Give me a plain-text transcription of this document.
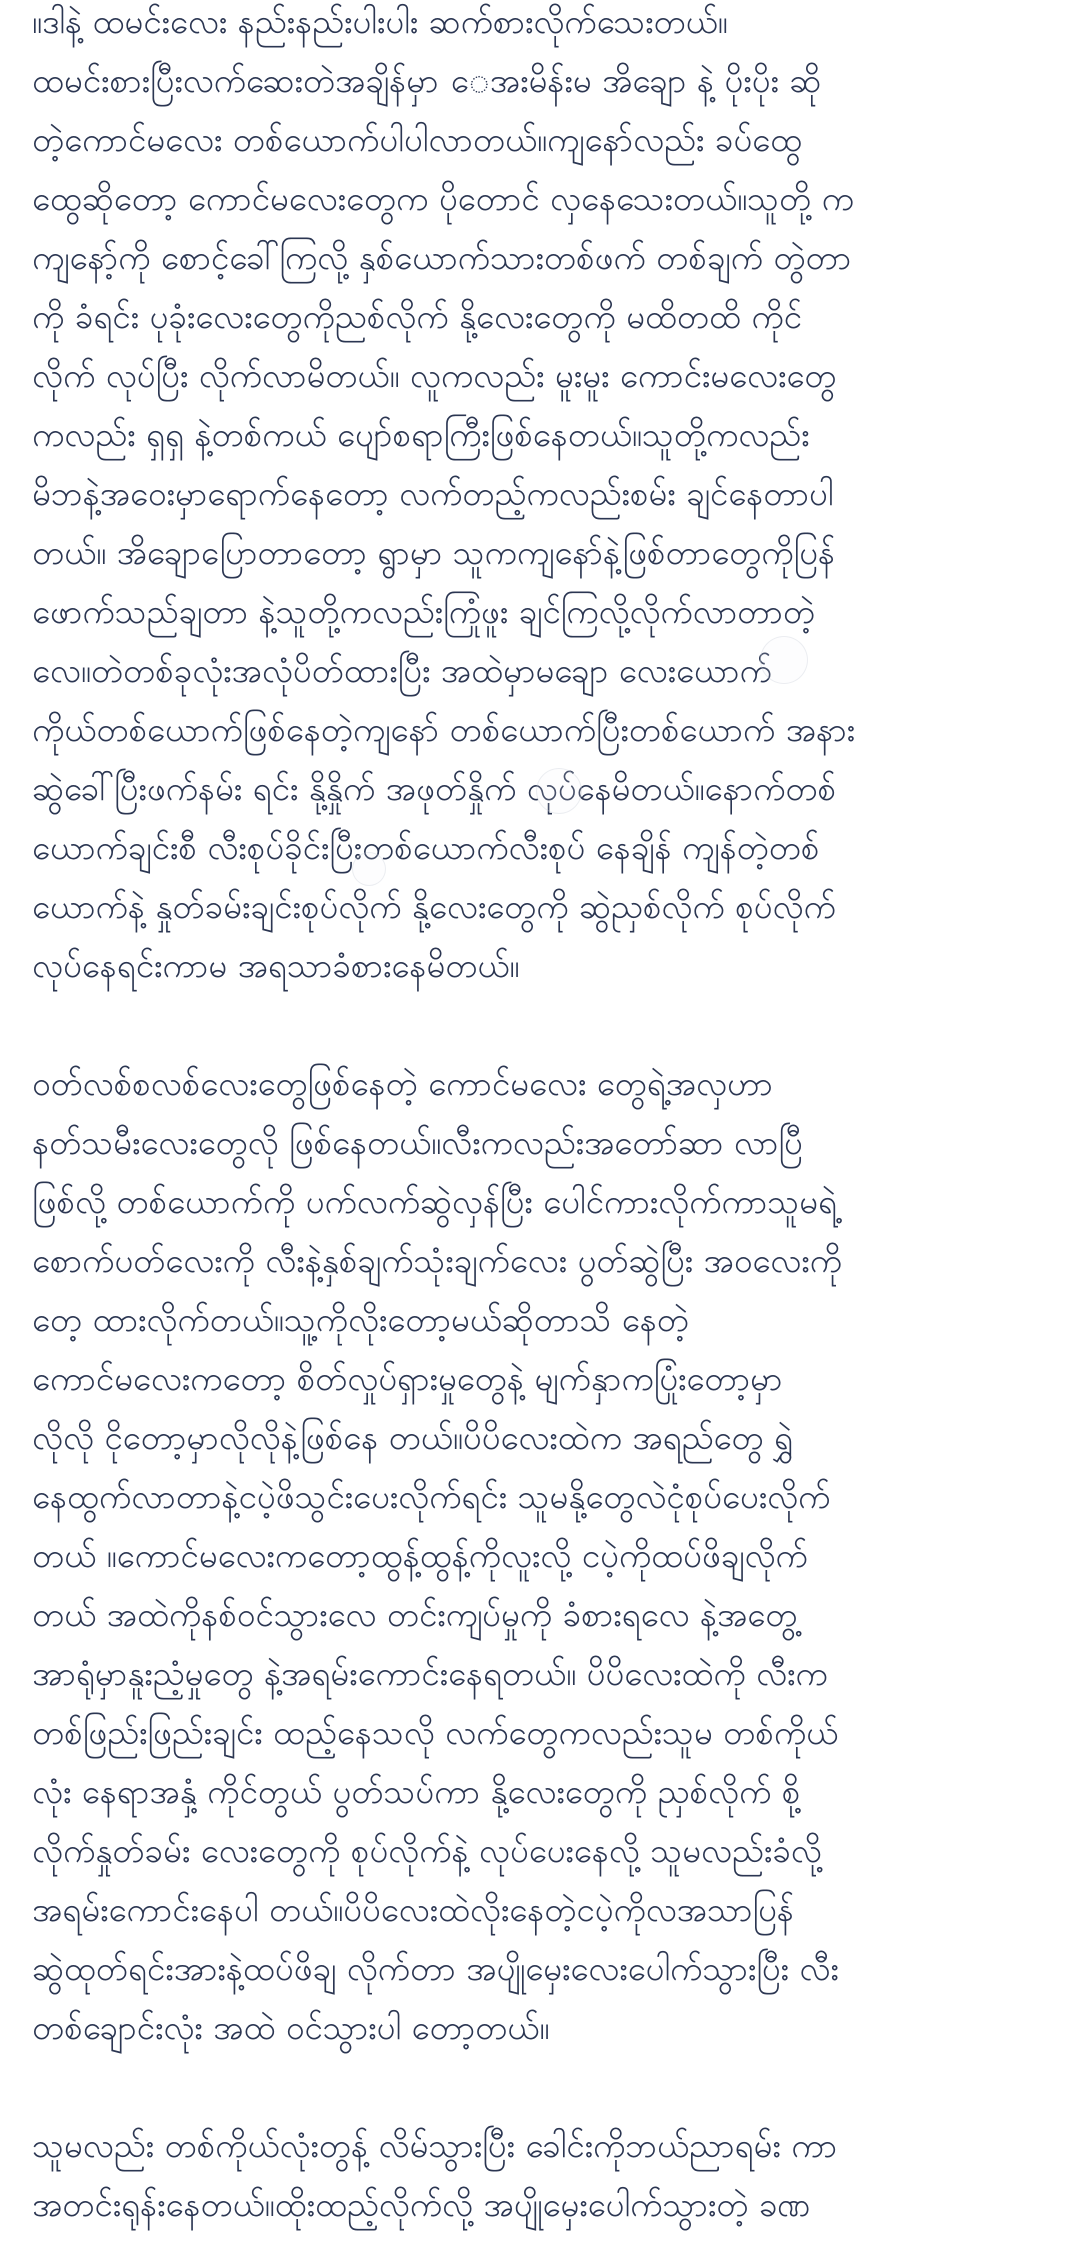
။ဒါနဲ့ ထမင်းလေး နည်းနည်းပါးပါး ဆက်စားလိုက်သေးတယ်။
ထမင်းစားပြီးလက်ဆေးတဲအချိန်မှာ ေအးမိန်းမ အိချော နဲ့ ပိုးပိုး ဆို
တဲ့ကောင်မလေး တစ်ယောက်ပါပါလာတယ်။ကျနော်လည်း ခပ်ထွေ
ထွေဆိုတော့ ကောင်မလေးတွေက ပိုတောင် လှနေသေးတယ်။သူတို့ က
ကျနော့်ကို စောင့်ခေါ်ကြလို့ နှစ်ယောက်သားတစ်ဖက် တစ်ချက် တွဲတာ
ကို ခံရင်း ပုခုံးလေးတွေကိုညစ်လိုက် နို့လေးတွေကို မထိတထိ ကိုင်
လိုက် လုပ်ပြီး လိုက်လာမိတယ်။ လူကလည်း မူးမူး ကောင်းမလေးတွေ
ကလည်း ရှရှ နဲ့တစ်ကယ် ပျော်စရာကြီးဖြစ်နေတယ်။သူတို့ကလည်း
မိဘနဲ့အဝေးမှာရောက်နေတော့ လက်တည့်ကလည်းစမ်း ချင်နေတာပါ
တယ်။ အိချောပြောတာတော့ ရွာမှာ သူကကျနော်နဲ့ဖြစ်တာတွေကိုပြန်
ဖောက်သည်ချတာ နဲ့သူတို့ကလည်းကြုံဖူး ချင်ကြလို့လိုက်လာတာတဲ့
လေ။တဲတစ်ခုလုံးအလုံပိတ်ထားပြီး အထဲမှာမချော လေးယောက်
ကိုယ်တစ်ယောက်ဖြစ်နေတဲ့ကျနော် တစ်ယောက်ပြီးတစ်ယောက် အနား
ဆွဲခေါ်ပြီးဖက်နမ်း ရင်း နို့နှိုက် အဖုတ်နှိုက် လုပ်နေမိတယ်။နောက်တစ်
ယောက်ချင်းစီ လီးစုပ်ခိုင်းပြီးတစ်ယောက်လီးစုပ် နေချိန် ကျန်တဲ့တစ်
ယောက်နဲ့ နှုတ်ခမ်းချင်းစုပ်လိုက် နို့လေးတွေကို ဆွဲညှစ်လိုက် စုပ်လိုက်
လုပ်နေရင်းကာမ အရသာခံစားနေမိတယ်။

ဝတ်လစ်စလစ်လေးတွေဖြစ်နေတဲ့ ကောင်မလေး တွေရဲ့အလှဟာ
နတ်သမီးလေးတွေလို ဖြစ်နေတယ်။လီးကလည်းအတော်ဆာ လာပြီ
ဖြစ်လို့ တစ်ယောက်ကို ပက်လက်ဆွဲလှန်ပြီး ပေါင်ကားလိုက်ကာသူမရဲ့
စောက်ပတ်လေးကို လီးနဲ့နှစ်ချက်သုံးချက်လေး ပွတ်ဆွဲပြီး အဝလေးကို
တေ့ ထားလိုက်တယ်။သူ့ကိုလိုးတော့မယ်ဆိုတာသိ နေတဲ့
ကောင်မလေးကတော့ စိတ်လှုပ်ရှားမှုတွေနဲ့ မျက်နှာကပြုံးတော့မှာ
လိုလို ငိုတော့မှာလိုလိုနဲ့ဖြစ်နေ တယ်။ပိပိလေးထဲက အရည်တွေ ရွှဲ
နေထွက်လာတာနဲ့ငပဲ့ဖိသွင်းပေးလိုက်ရင်း သူမနို့တွေလဲငုံစုပ်ပေးလိုက်
တယ် ။ကောင်မလေးကတော့ထွန့်ထွန့်ကိုလူးလို့ ငပဲ့ကိုထပ်ဖိချလိုက်
တယ် အထဲကိုနစ်ဝင်သွားလေ တင်းကျပ်မှုကို ခံစားရလေ နဲ့အတွေ့
အာရုံမှာနူးညံ့မှုတွေ နဲ့အရမ်းကောင်းနေရတယ်။ ပိပိလေးထဲကို လီးက
တစ်ဖြည်းဖြည်းချင်း ထည့်နေသလို လက်တွေကလည်းသူမ တစ်ကိုယ်
လုံး နေရာအနှံ့ ကိုင်တွယ် ပွတ်သပ်ကာ နို့လေးတွေကို ညှစ်လိုက် စို့
လိုက်နှုတ်ခမ်း လေးတွေကို စုပ်လိုက်နဲ့ လုပ်ပေးနေလို့ သူမလည်းခံလို့
အရမ်းကောင်းနေပါ တယ်။ပိပိလေးထဲလိုးနေတဲ့ငပဲ့ကိုလအသာပြန်
ဆွဲထုတ်ရင်းအားနဲ့ထပ်ဖိချ လိုက်တာ အပျိုမှေးလေးပေါက်သွားပြီး လီး
တစ်ချောင်းလုံး အထဲ ဝင်သွားပါ တော့တယ်။

သူမလည်း တစ်ကိုယ်လုံးတွန့် လိမ်သွားပြီး ခေါင်းကိုဘယ်ညာရမ်း ကာ
အတင်းရုန်းနေတယ်။ထိုးထည့်လိုက်လို့ အပျိုမှေးပေါက်သွားတဲ့ ခဏ
